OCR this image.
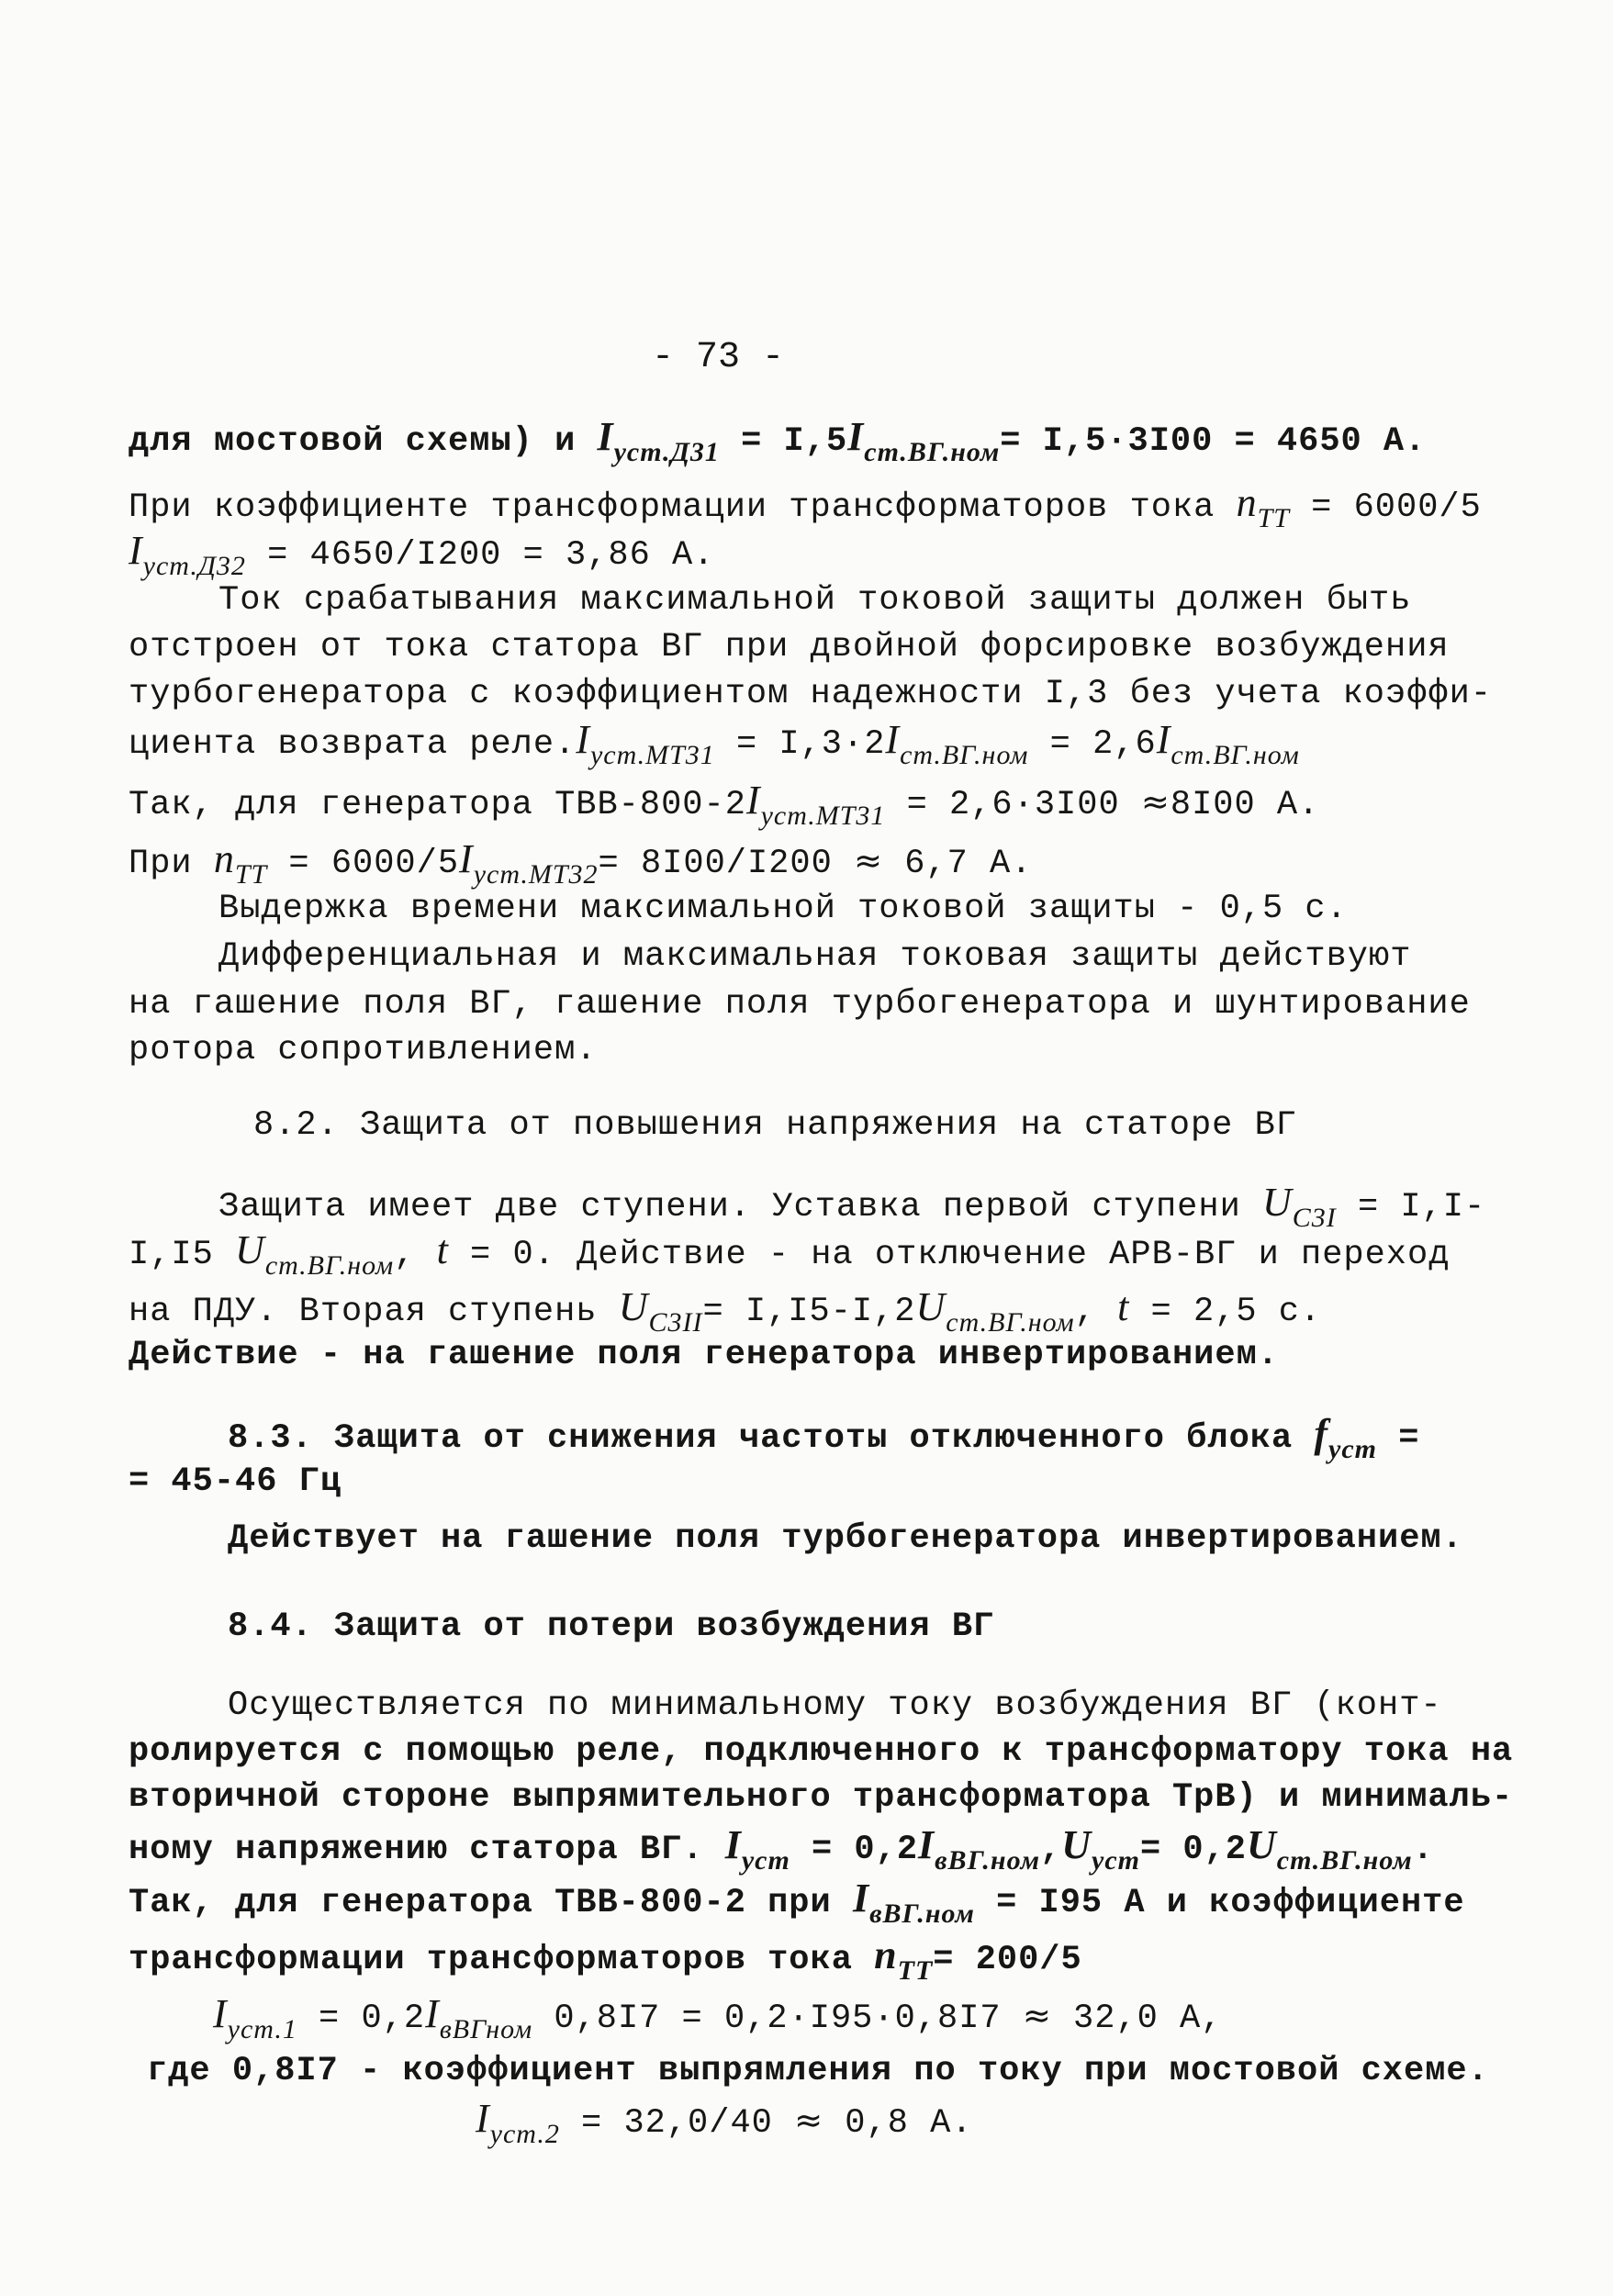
- 73 -
для мостовой схемы) и $I_{уст.Д31} = I,5I_{ст.ВГ.ном}= I,5\cdot 3I00 = 4650$ А.
При коэффициенте трансформации трансформаторов тока $n_{ТТ} = 6000/5$
$I_{уст.Д32} = 4650/I200 = 3,86$ А.
Ток срабатывания максимальной токовой защиты должен быть
отстроен от тока статора ВГ при двойной форсировке возбуждения
турбогенератора с коэффициентом надежности I,3 без учета коэффи-
циента возврата $реле.I_{уст.МТ31} = I,3\cdot 2I_{ст.ВГ.ном} = 2,6I_{ст.ВГ.ном}$
Так, для генератора ТВВ-$800-2I_{уст.МТ31} = 2,6\cdot 3I00 \approx 8I00$ А.
При $n_{ТТ} = 6000/5I_{уст.МТ32}= 8I00/I200 \approx 6,7$ А.
Выдержка времени максимальной токовой защиты - 0,5 с.
Дифференциальная и максимальная токовая защиты действуют
на гашение поля ВГ, гашение поля турбогенератора и шунтирование
ротора сопротивлением.
8.2. Защита от повышения напряжения на статоре ВГ
Защита имеет две ступени. Уставка первой ступени $U_{С3I} = I,I-$
I,I5 $U_{ст.ВГ.ном}$, t = 0. Действие - на отключение АРВ-ВГ и переход
на ПДУ. Вторая ступень $U_{С3II}= I,I5-I,2U_{ст.ВГ.ном}$, t = 2,5 с.
Действие - на гашение поля генератора инвертированием.
8.3. Защита от снижения частоты отключенного блока $f_{уст}$ =
= 45-46 Гц
Действует на гашение поля турбогенератора инвертированием.
8.4. Защита от потери возбуждения ВГ
Осуществляется по минимальному току возбуждения ВГ (конт-
ролируется с помощью реле, подключенного к трансформатору тока на
вторичной стороне выпрямительного трансформатора ТрВ) и минималь-
ному напряжению статора ВГ. $I_{уст} = 0,2I_{вВГ.ном},U_{уст}= 0,2U_{ст.ВГ.ном}$.
Так, для генератора ТВВ-800-2 при $I_{вВГ.ном} = I95$ А и коэффициенте
трансформации трансформаторов тока $n_{ТТ}= 200/5$
$I_{уст.1} = 0,2I_{вВГном}$ 0,8I7 = 0,2·I95·0,8I7 ≈ 32,0 А,
где 0,8I7 - коэффициент выпрямления по току при мостовой схеме.
$I_{уст.2} = 32,0/40 \approx 0,8$ А.
